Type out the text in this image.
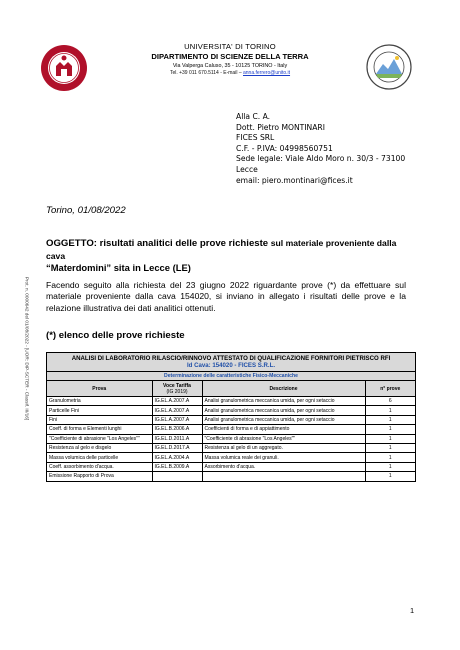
UNIVERSITA' DI TORINO
DIPARTIMENTO DI SCIENZE DELLA TERRA
Via Valperga Caluso, 35 - 10125 TORINO - Italy
Tel. +39 011 670.5114 - E-mail – anna.ferrero@unito.it
Prot. n. 0000642 del 01/08/2022 - [UOR: DIP-SCTER - Classif. III/16]
Alla C. A.
Dott. Pietro MONTINARI
FICES SRL
C.F. - P.IVA: 04998560751
Sede legale: Viale Aldo Moro n. 30/3 - 73100
Lecce
email: piero.montinari@fices.it
Torino, 01/08/2022
OGGETTO: risultati analitici delle prove richieste sul materiale proveniente dalla cava
“Materdomini” sita in Lecce (LE)
Facendo seguito alla richiesta del 23 giugno 2022 riguardante prove (*) da effettuare sul materiale proveniente dalla cava 154020, si inviano in allegato i risultati delle prove e la relazione illustrativa dei dati analitici ottenuti.
(*) elenco delle prove richieste
ANALISI DI LABORATORIO RILASCIO/RINNOVO ATTESTATO DI QUALIFICAZIONE FORNITORI PIETRISCO RFI
Id Cava: 154020 - FICES S.R.L.
Determinazione delle caratteristiche Fisico-Meccaniche
Prova	Voce Tariffa
(IG 2019)	Descrizione	n° prove
Granulometria	IG.EL.A.2007.A	Analisi granulometrica meccanica umida, per ogni setaccio	6
Particelle Fini	IG.EL.A.2007.A	Analisi granulometrica meccanica umida, per ogni setaccio	1
Fini	IG.EL.A.2007.A	Analisi granulometrica meccanica umida, per ogni setaccio	1
Coeff. di forma e Elementi lunghi	IG.EL.B.2006.A	Coefficienti di forma e di appiattimento	1
"Coefficiente di abrasione "Los Angeles""	IG.EL.D.2011.A	"Coefficiente di abrasione "Los Angeles""	1
Resistenza al gelo e disgelo	IG.EL.D.2017.A	Resistenza al gelo di un aggregato.	1
Massa volumica delle particelle	IG.EL.A.2004.A	Massa volumica reale dei granuli.	1
Coeff. assorbimento d'acqua.	IG.EL.B.2009.A	Assorbimento d'acqua.	1
Emissione Rapporto di Prova			1
1
